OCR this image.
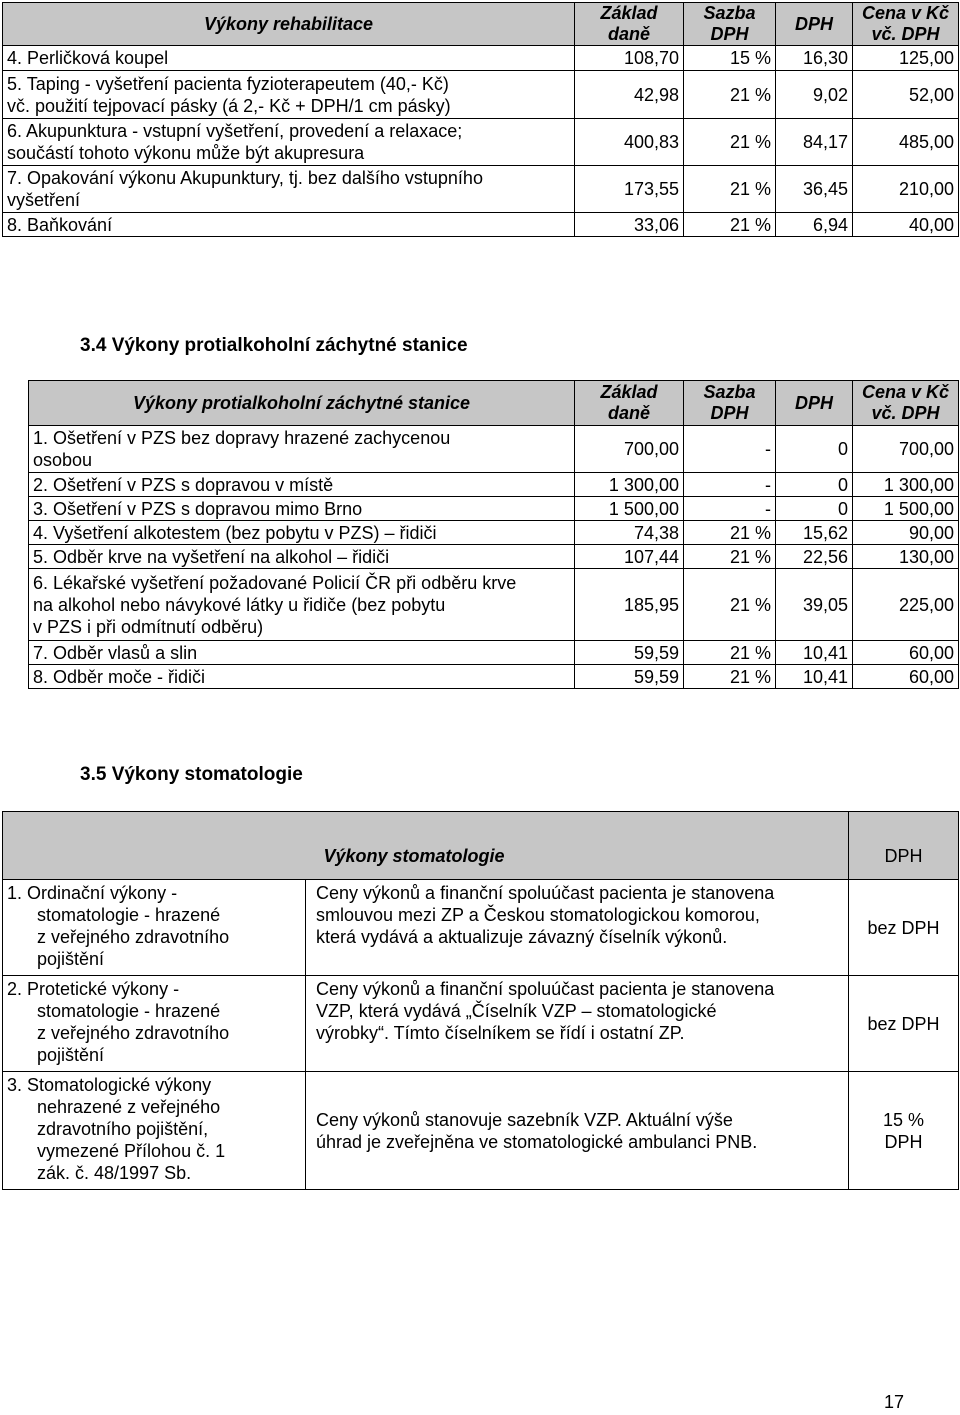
Výkony rehabilitace	Základ daně	Sazba DPH	DPH	Cena v Kč vč. DPH
4. Perličková koupel	108,70	15 %	16,30	125,00

5. Taping - vyšetření pacienta fyzioterapeutem (40,- Kč)
vč. použití tejpovací pásky (á 2,- Kč + DPH/1 cm pásky)	42,98	21 %	9,02	52,00

6. Akupunktura - vstupní vyšetření, provedení a relaxace;
součástí tohoto výkonu může být akupresura	400,83	21 %	84,17	485,00

7. Opakování výkonu Akupunktury, tj. bez dalšího vstupního
vyšetření	173,55	21 %	36,45	210,00
8. Baňkování	33,06	21 %	6,94	40,00
3.4 Výkony protialkoholní záchytné stanice
Výkony protialkoholní záchytné stanice	Základ daně	Sazba DPH	DPH	Cena v Kč vč. DPH

1. Ošetření v PZS bez dopravy hrazené zachycenou
osobou	700,00	-	0	700,00
2. Ošetření v PZS s dopravou v místě	1 300,00	-	0	1 300,00
3. Ošetření v PZS s dopravou mimo Brno	1 500,00	-	0	1 500,00
4. Vyšetření alkotestem (bez pobytu v PZS) – řidiči	74,38	21 %	15,62	90,00
5. Odběr krve na vyšetření na alkohol – řidiči	107,44	21 %	22,56	130,00

6. Lékařské vyšetření požadované Policií ČR při odběru krve
na alkohol nebo návykové látky u řidiče (bez pobytu
v PZS i při odmítnutí odběru)	185,95	21 %	39,05	225,00
7. Odběr vlasů a slin	59,59	21 %	10,41	60,00
8. Odběr moče - řidiči	59,59	21 %	10,41	60,00
3.5 Výkony stomatologie
	Výkony stomatologie	DPH

1. Ordinační výkony -
stomatologie - hrazené
z veřejného zdravotního
pojištění	Ceny výkonů a finanční spoluúčast pacienta je stanovena
smlouvou mezi ZP a Českou stomatologickou komorou,
která vydává a aktualizuje závazný číselník výkonů.	bez DPH

2. Protetické výkony -
stomatologie - hrazené
z veřejného zdravotního
pojištění	Ceny výkonů a finanční spoluúčast pacienta je stanovena
VZP, která vydává „Číselník VZP – stomatologické
výrobky“. Tímto číselníkem se řídí i ostatní ZP.	bez DPH

3. Stomatologické výkony
nehrazené z veřejného
zdravotního pojištění,
vymezené Přílohou č. 1
zák. č. 48/1997 Sb.	Ceny výkonů stanovuje sazebník VZP. Aktuální výše
úhrad je zveřejněna ve stomatologické ambulanci PNB.	15 %
DPH
17
